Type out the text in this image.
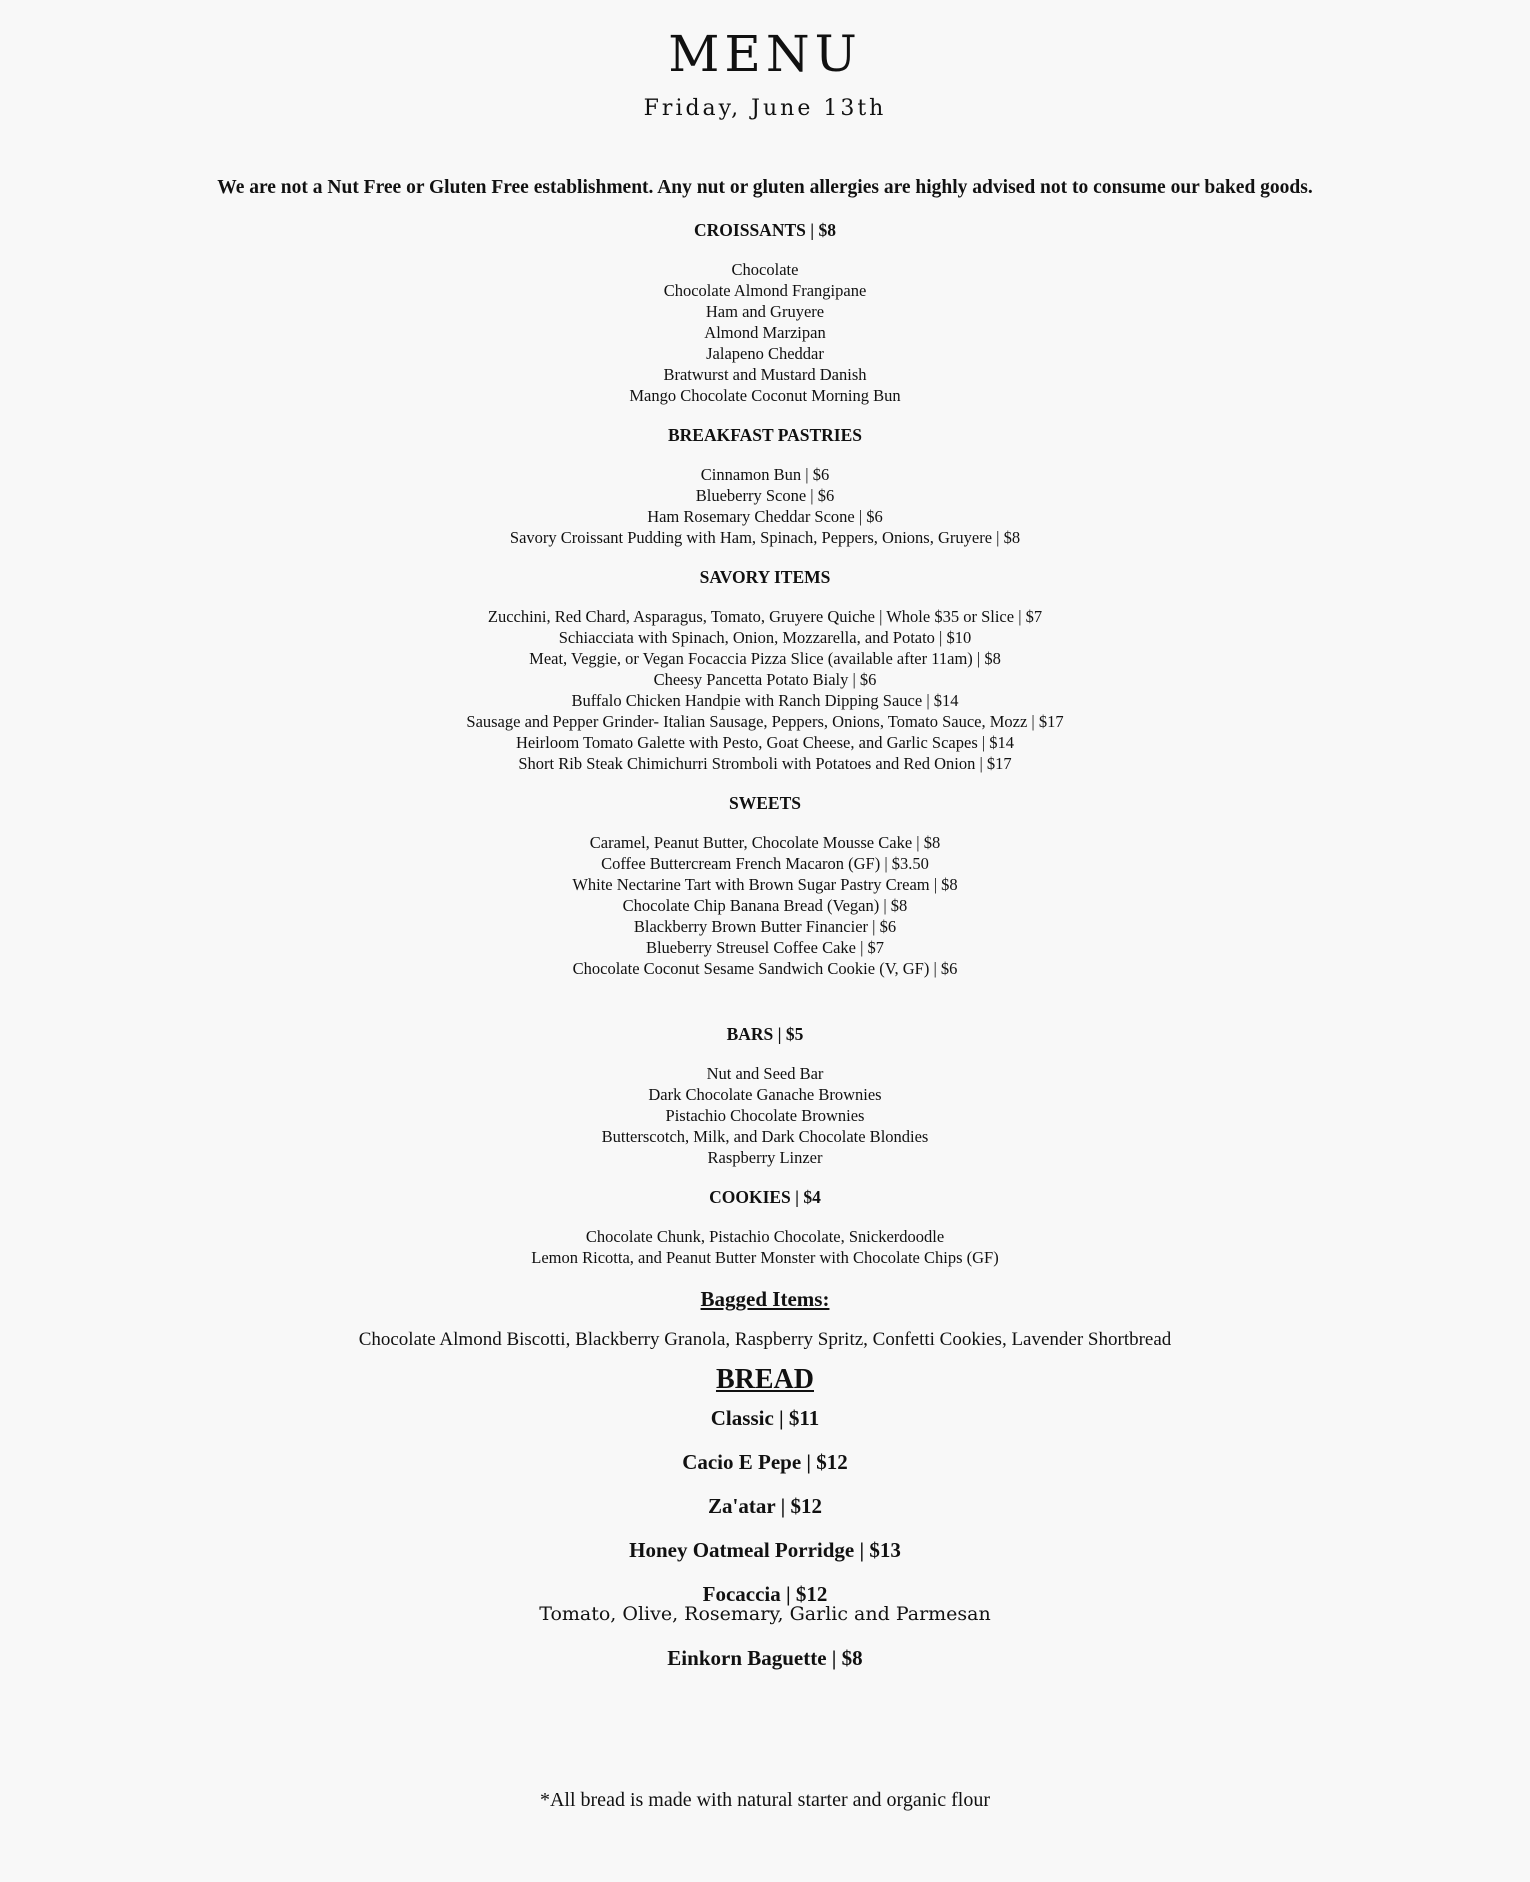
MENU
Friday, June 13th
We are not a Nut Free or Gluten Free establishment. Any nut or gluten allergies are highly advised not to consume our baked goods.
CROISSANTS | $8
Chocolate
Chocolate Almond Frangipane
Ham and Gruyere
Almond Marzipan
Jalapeno Cheddar
Bratwurst and Mustard Danish
Mango Chocolate Coconut Morning Bun
BREAKFAST PASTRIES
Cinnamon Bun | $6
Blueberry Scone | $6
Ham Rosemary Cheddar Scone | $6
Savory Croissant Pudding with Ham, Spinach, Peppers, Onions, Gruyere | $8
SAVORY ITEMS
Zucchini, Red Chard, Asparagus, Tomato, Gruyere Quiche | Whole $35 or Slice | $7
Schiacciata with Spinach, Onion, Mozzarella, and Potato | $10
Meat, Veggie, or Vegan Focaccia Pizza Slice (available after 11am) | $8
Cheesy Pancetta Potato Bialy | $6
Buffalo Chicken Handpie with Ranch Dipping Sauce | $14
Sausage and Pepper Grinder- Italian Sausage, Peppers, Onions, Tomato Sauce, Mozz | $17
Heirloom Tomato Galette with Pesto, Goat Cheese, and Garlic Scapes | $14
Short Rib Steak Chimichurri Stromboli with Potatoes and Red Onion | $17
SWEETS
Caramel, Peanut Butter, Chocolate Mousse Cake | $8
Coffee Buttercream French Macaron (GF) | $3.50
White Nectarine Tart with Brown Sugar Pastry Cream | $8
Chocolate Chip Banana Bread (Vegan) | $8
Blackberry Brown Butter Financier | $6
Blueberry Streusel Coffee Cake | $7
Chocolate Coconut Sesame Sandwich Cookie (V, GF) | $6
BARS | $5
Nut and Seed Bar
Dark Chocolate Ganache Brownies
Pistachio Chocolate Brownies
Butterscotch, Milk, and Dark Chocolate Blondies
Raspberry Linzer
COOKIES | $4
Chocolate Chunk, Pistachio Chocolate, Snickerdoodle
Lemon Ricotta, and Peanut Butter Monster with Chocolate Chips (GF)
Bagged Items:
Chocolate Almond Biscotti, Blackberry Granola, Raspberry Spritz, Confetti Cookies, Lavender Shortbread
BREAD
Classic | $11
Cacio E Pepe | $12
Za'atar | $12
Honey Oatmeal Porridge | $13
Focaccia | $12
Tomato, Olive, Rosemary, Garlic and Parmesan
Einkorn Baguette | $8
*All bread is made with natural starter and organic flour
